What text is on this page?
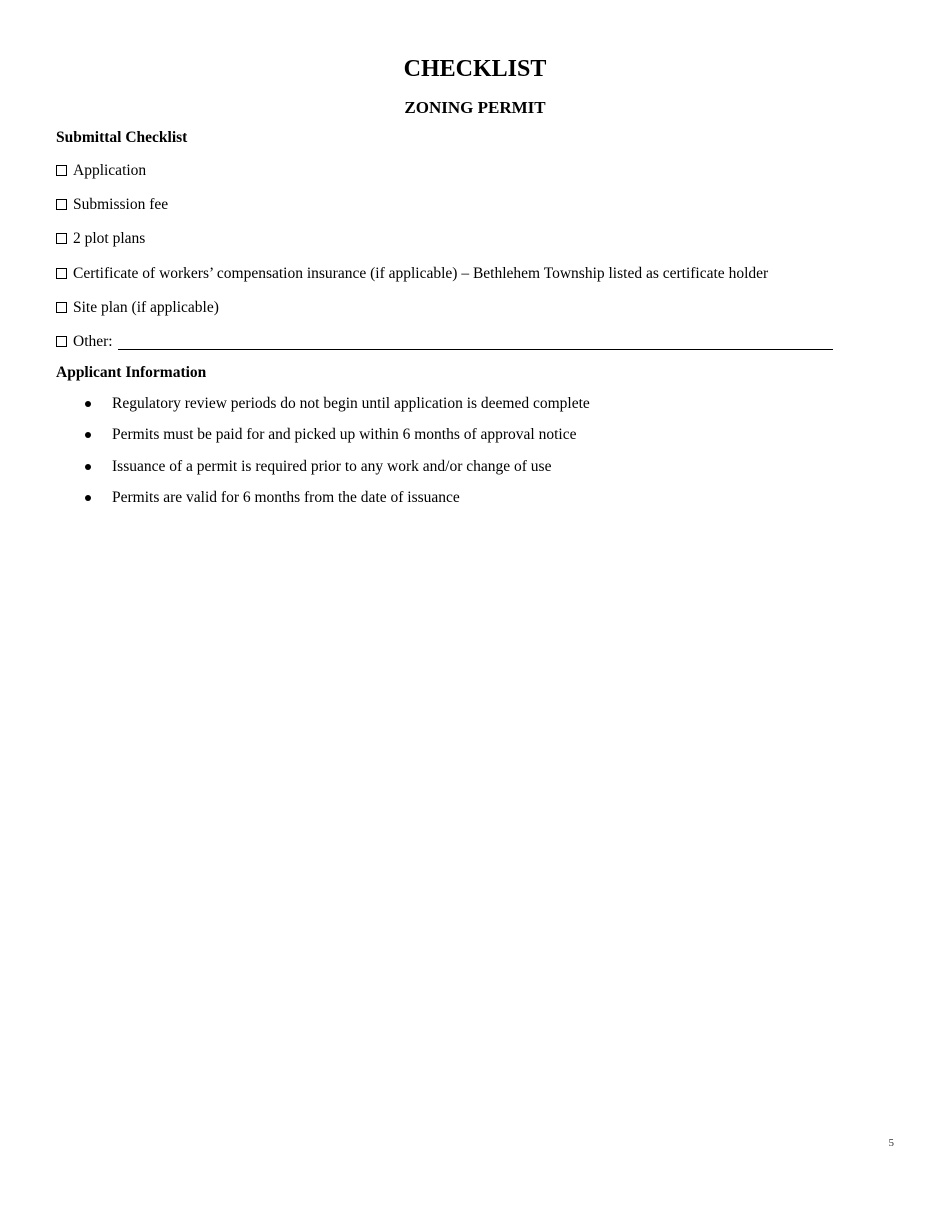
CHECKLIST
ZONING PERMIT
Submittal Checklist
Application
Submission fee
2 plot plans
Certificate of workers’ compensation insurance (if applicable) – Bethlehem Township listed as certificate holder
Site plan (if applicable)
Other:
Applicant Information
Regulatory review periods do not begin until application is deemed complete
Permits must be paid for and picked up within 6 months of approval notice
Issuance of a permit is required prior to any work and/or change of use
Permits are valid for 6 months from the date of issuance
5
